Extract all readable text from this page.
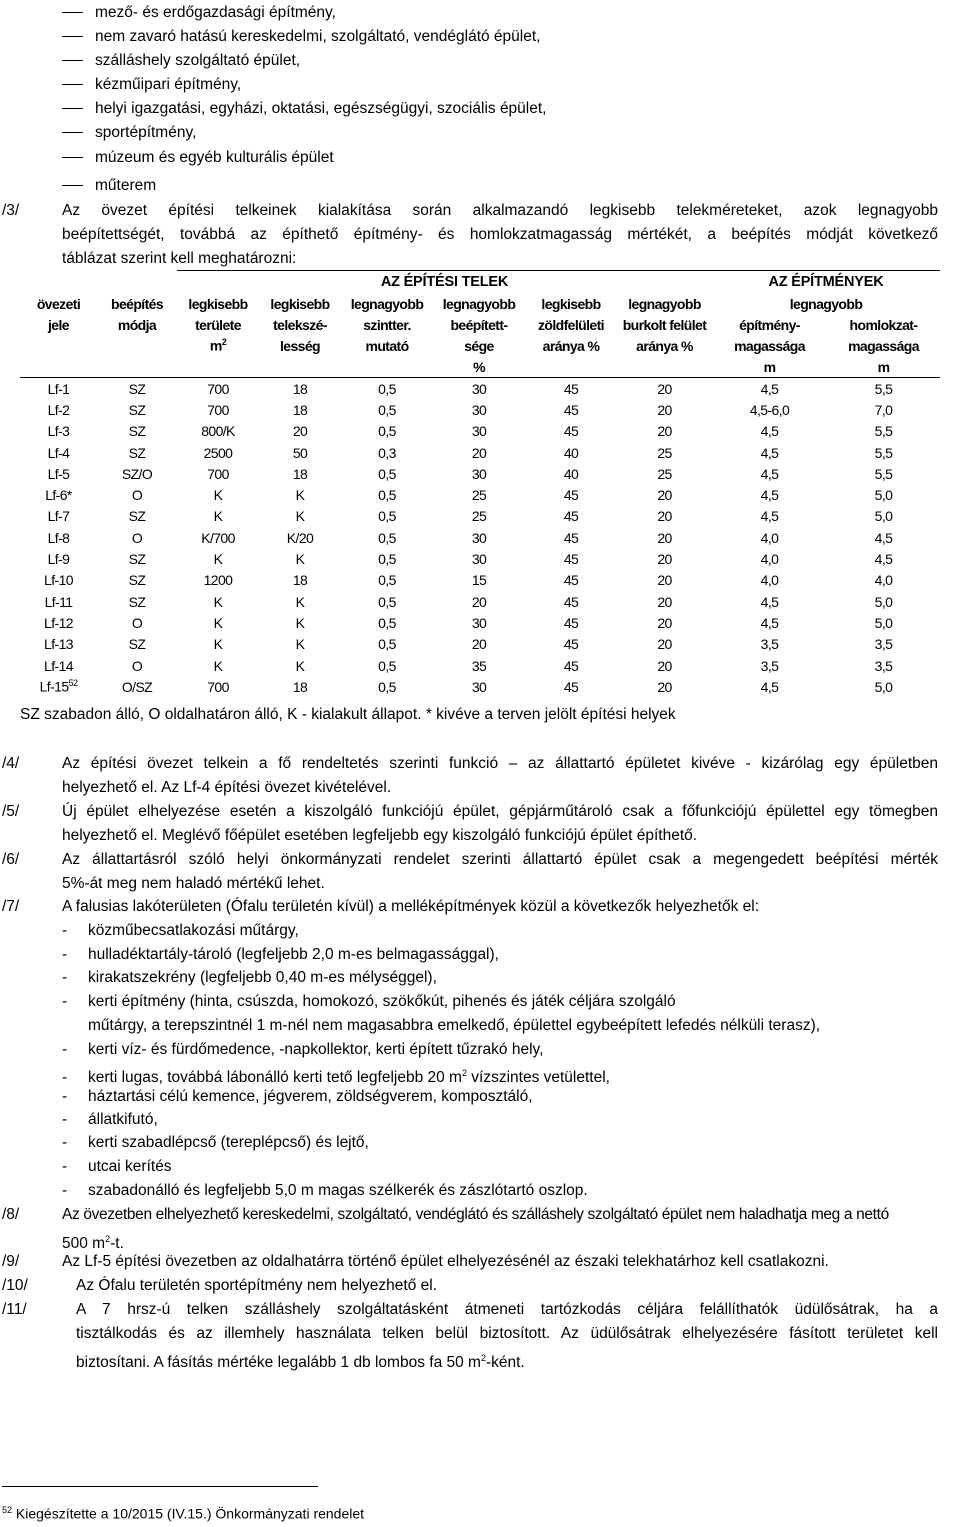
mező- és erdőgazdasági építmény,
nem zavaró hatású kereskedelmi, szolgáltató, vendéglátó épület,
szálláshely szolgáltató épület,
kézműipari építmény,
helyi igazgatási, egyházi, oktatási, egészségügyi, szociális épület,
sportépítmény,
múzeum és egyéb kulturális épület
műterem
/3/	Az övezet építési telkeinek kialakítása során alkalmazandó legkisebb telekméreteket, azok legnagyobb
beépítettségét, továbbá az építhető építmény- és homlokzatmagasság mértékét, a beépítés módját következő
táblázat szerint kell meghatározni:
		AZ ÉPÍTÉSI TELEK						AZ ÉPÍTMÉNYEK	
övezeti	beépítés	legkisebb	legkisebb	legnagyobb	legnagyobb	legkisebb	legnagyobb	legnagyobb	
jele	módja	területe	telekszé-	szintter.	beépített-	zöldfelületi	burkolt felület	építmény-	homlokzat-
		$m^2$	lesség	mutató	sége	aránya %	aránya %	magassága	magassága
					%			m	m
Lf-1	SZ	700	18	0,5	30	45	20	4,5	5,5
Lf-2	SZ	700	18	0,5	30	45	20	4,5-6,0	7,0
Lf-3	SZ	800/K	20	0,5	30	45	20	4,5	5,5
Lf-4	SZ	2500	50	0,3	20	40	25	4,5	5,5
Lf-5	SZ/O	700	18	0,5	30	40	25	4,5	5,5
Lf-6*	O	K	K	0,5	25	45	20	4,5	5,0
Lf-7	SZ	K	K	0,5	25	45	20	4,5	5,0
Lf-8	O	K/700	K/20	0,5	30	45	20	4,0	4,5
Lf-9	SZ	K	K	0,5	30	45	20	4,0	4,5
Lf-10	SZ	1200	18	0,5	15	45	20	4,0	4,0
Lf-11	SZ	K	K	0,5	20	45	20	4,5	5,0
Lf-12	O	K	K	0,5	30	45	20	4,5	5,0
Lf-13	SZ	K	K	0,5	20	45	20	3,5	3,5
Lf-14	O	K	K	0,5	35	45	20	3,5	3,5
$Lf-15^{52}$	O/SZ	700	18	0,5	30	45	20	4,5	5,0
SZ szabadon álló, O oldalhatáron álló, K - kialakult állapot. * kivéve a terven jelölt építési helyek
/4/	Az építési övezet telkein a fő rendeltetés szerinti funkció – az állattartó épületet kivéve - kizárólag egy épületben
helyezhető el. Az Lf-4 építési övezet kivételével.
/5/	Új épület elhelyezése esetén a kiszolgáló funkciójú épület, gépjárműtároló csak a főfunkciójú épülettel egy tömegben
helyezhető el. Meglévő főépület esetében legfeljebb egy kiszolgáló funkciójú épület építhető.
/6/	Az állattartásról szóló helyi önkormányzati rendelet szerinti állattartó épület csak a megengedett beépítési mérték
5%-át meg nem haladó mértékű lehet.
/7/	A falusias lakóterületen (Ófalu területén kívül) a melléképítmények közül a következők helyezhetők el:
- közműbecsatlakozási műtárgy,
- hulladéktartály-tároló (legfeljebb 2,0 m-es belmagassággal),
- kirakatszekrény (legfeljebb 0,40 m-es mélységgel),
- kerti építmény (hinta, csúszda, homokozó, szökőkút, pihenés és játék céljára szolgáló
műtárgy, a terepszintnél 1 m-nél nem magasabbra emelkedő, épülettel egybeépített lefedés nélküli terasz),
- kerti víz- és fürdőmedence, -napkollektor, kerti épített tűzrakó hely,
- kerti lugas, továbbá lábonálló kerti tető legfeljebb 20 $m^2$ vízszintes vetülettel,
- háztartási célú kemence, jégverem, zöldségverem, komposztáló,
- állatkifutó,
- kerti szabadlépcső (tereplépcső) és lejtő,
- utcai kerítés
- szabadonálló és legfeljebb 5,0 m magas szélkerék és zászlótartó oszlop.
/8/	Az övezetben elhelyezhető kereskedelmi, szolgáltató, vendéglátó és szálláshely szolgáltató épület nem haladhatja meg a nettó
500 $m^2-t$.
/9/	Az Lf-5 építési övezetben az oldalhatárra történő épület elhelyezésénél az északi telekhatárhoz kell csatlakozni.
/10/	Az Ófalu területén sportépítmény nem helyezhető el.
/11/	A 7 hrsz-ú telken szálláshely szolgáltatásként átmeneti tartózkodás céljára felállíthatók üdülősátrak, ha a
tisztálkodás és az illemhely használata telken belül biztosított. Az üdülősátrak elhelyezésére fásított területet kell
biztosítani. A fásítás mértéke legalább 1 db lombos fa 50 $m^2$-ként.
$^{52}$ Kiegészítette a 10/2015 (IV.15.) Önkormányzati rendelet
